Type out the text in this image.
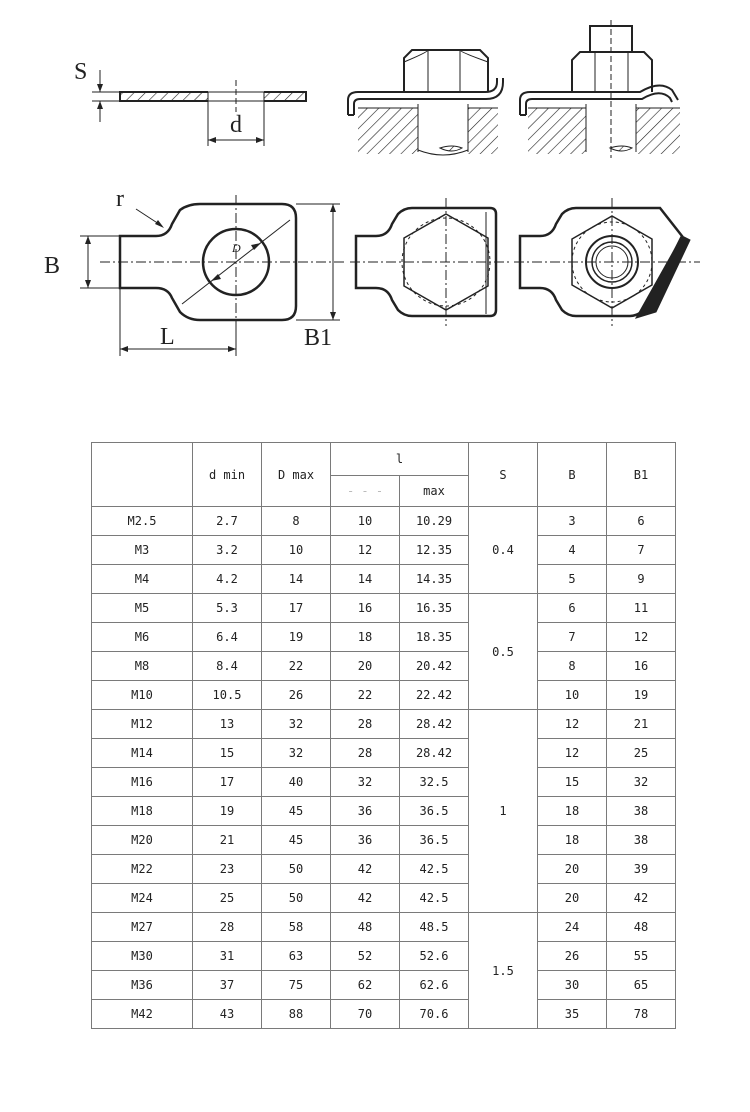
S
d
D
r
B
B1
L
	d min	D max	l		S	B	B1
			- - -	max			
M2.5	2.7	8	10	10.29	0.4	3	6
M3	3.2	10	12	12.35		4	7
M4	4.2	14	14	14.35		5	9
M5	5.3	17	16	16.35	0.5	6	11
M6	6.4	19	18	18.35		7	12
M8	8.4	22	20	20.42		8	16
M10	10.5	26	22	22.42		10	19
M12	13	32	28	28.42	1	12	21
M14	15	32	28	28.42		12	25
M16	17	40	32	32.5		15	32
M18	19	45	36	36.5		18	38
M20	21	45	36	36.5		18	38
M22	23	50	42	42.5		20	39
M24	25	50	42	42.5		20	42
M27	28	58	48	48.5	1.5	24	48
M30	31	63	52	52.6		26	55
M36	37	75	62	62.6		30	65
M42	43	88	70	70.6		35	78
